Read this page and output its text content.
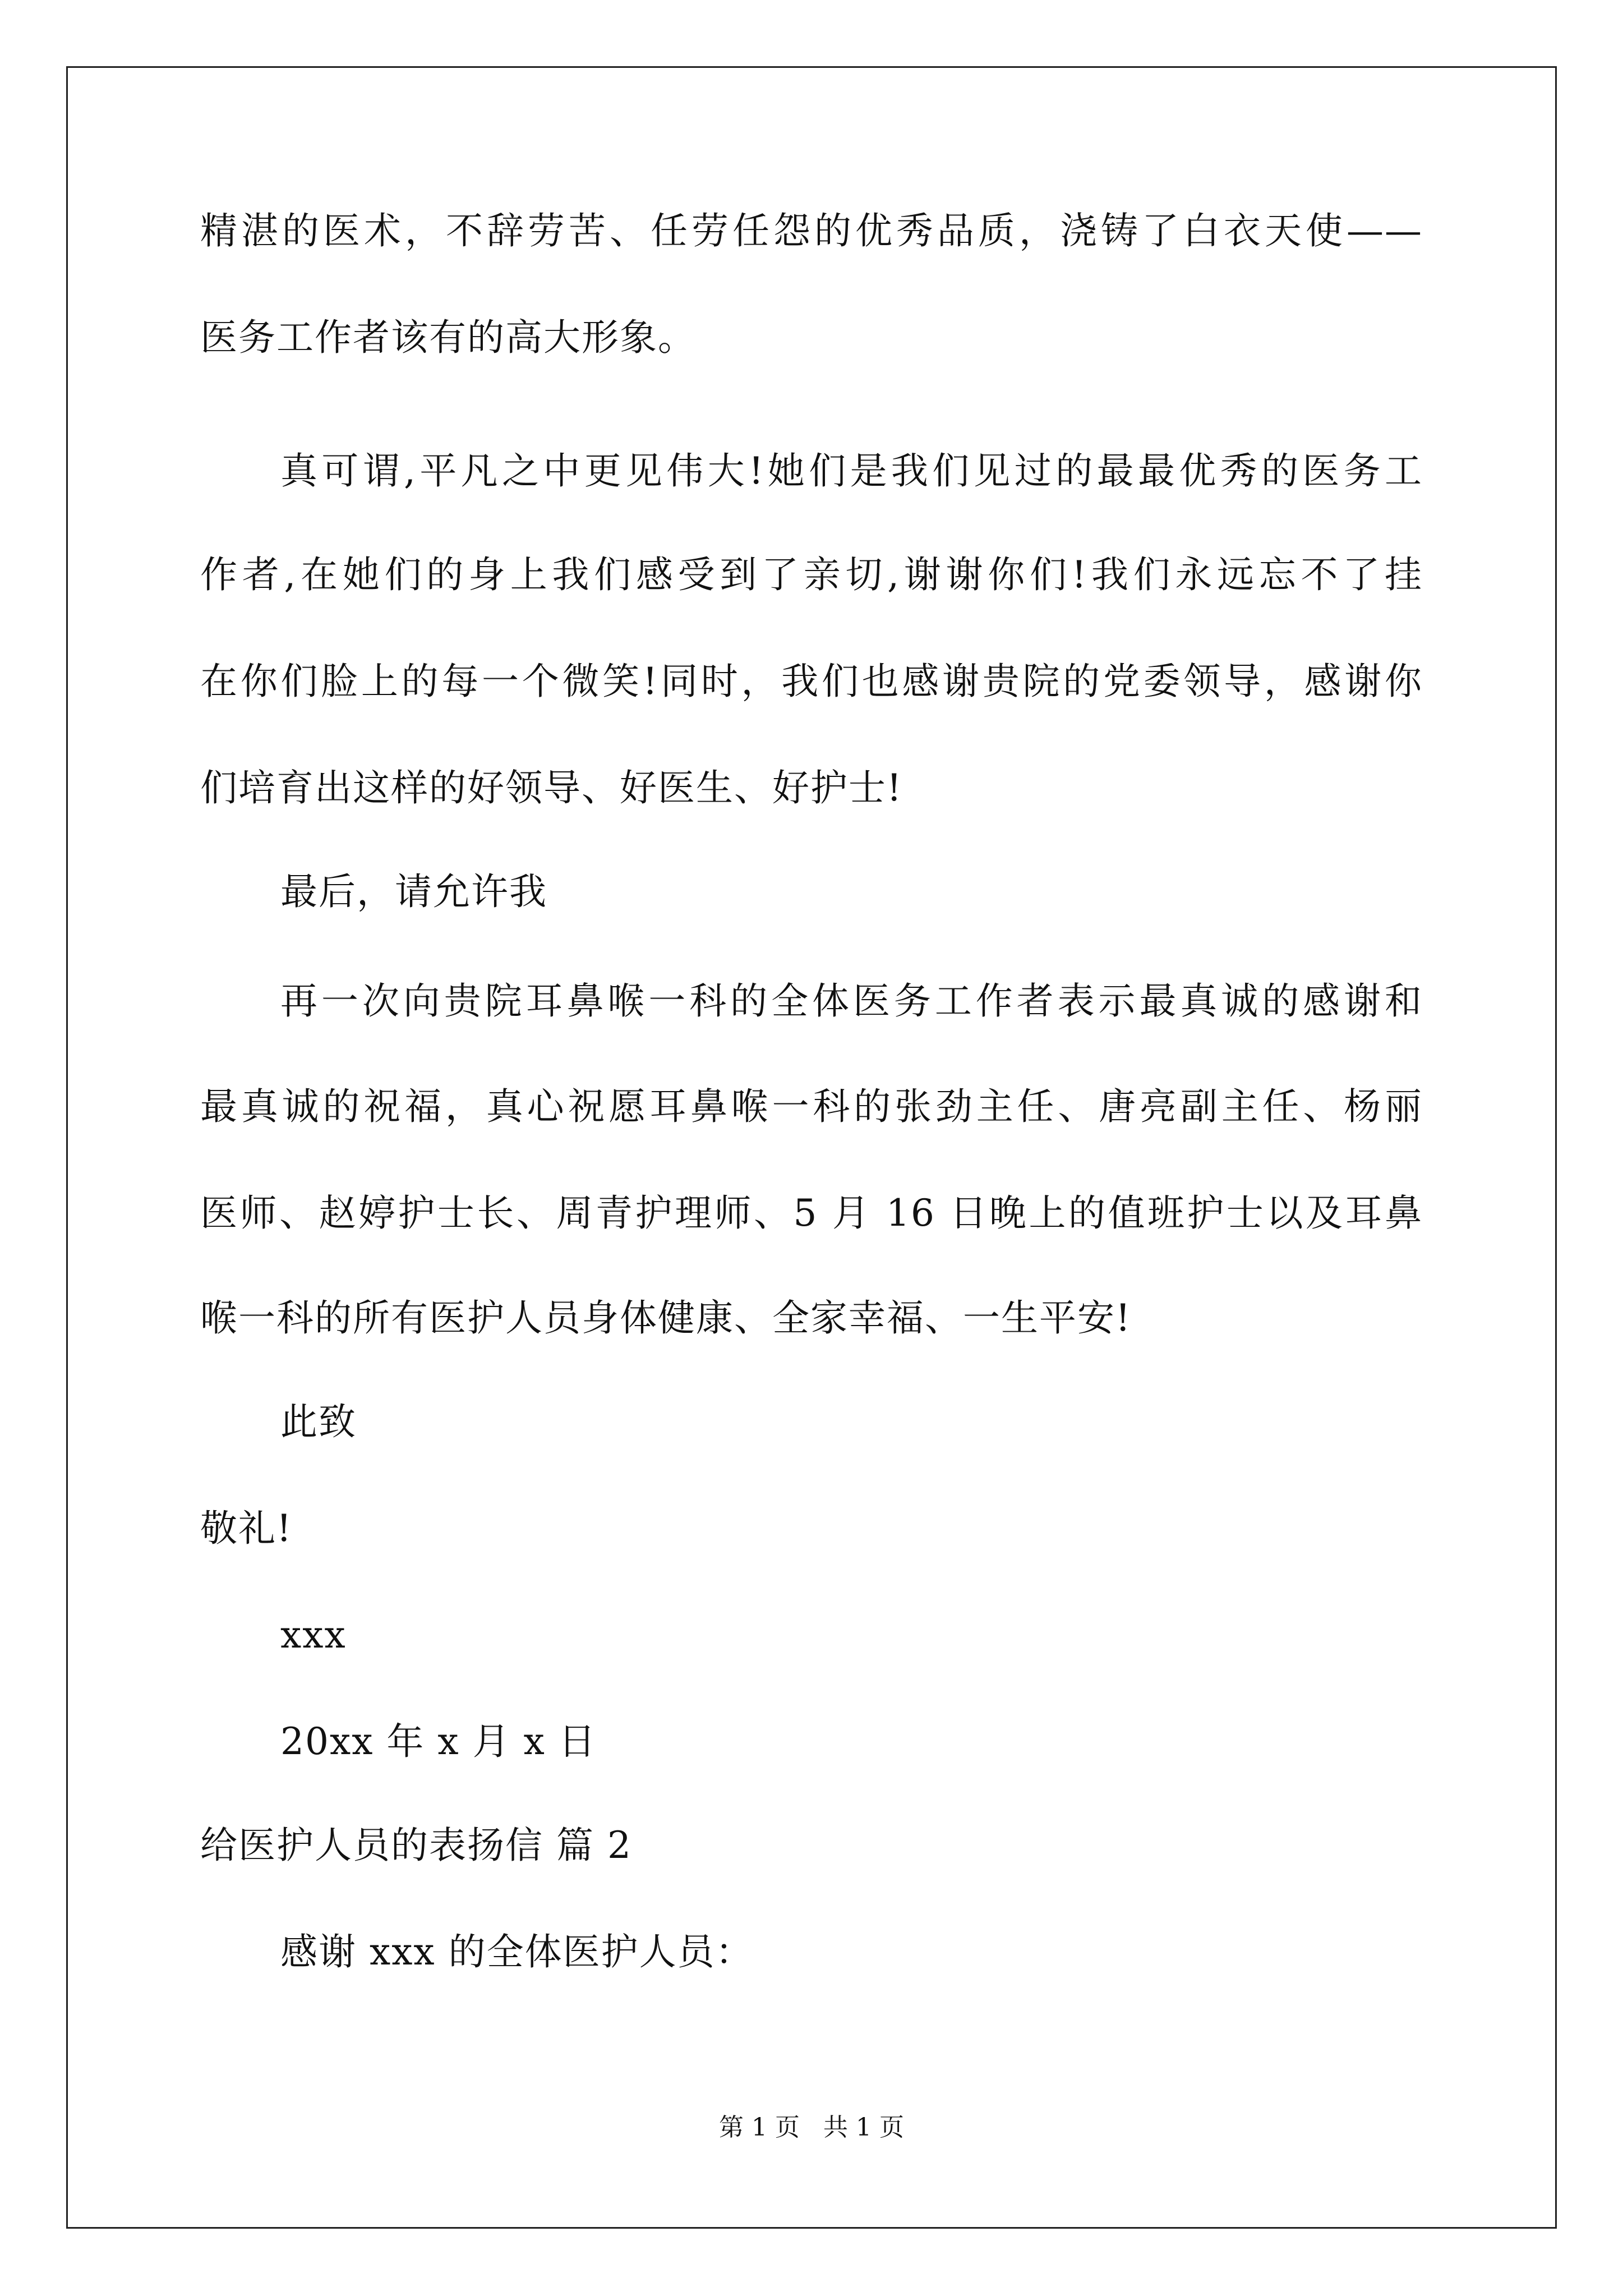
精湛的医术，不辞劳苦、任劳任怨的优秀品质，浇铸了白衣天使——
医务工作者该有的高大形象。
真可谓,平凡之中更见伟大!她们是我们见过的最最优秀的医务工
作者,在她们的身上我们感受到了亲切,谢谢你们!我们永远忘不了挂
在你们脸上的每一个微笑!同时，我们也感谢贵院的党委领导，感谢你
们培育出这样的好领导、好医生、好护士!
最后，请允许我
再一次向贵院耳鼻喉一科的全体医务工作者表示最真诚的感谢和
最真诚的祝福，真心祝愿耳鼻喉一科的张劲主任、唐亮副主任、杨丽
医师、赵婷护士长、周青护理师、5 月 16 日晚上的值班护士以及耳鼻
喉一科的所有医护人员身体健康、全家幸福、一生平安!
此致
敬礼!
xxx
20xx 年 x 月 x 日
给医护人员的表扬信 篇 2
感谢 xxx 的全体医护人员：
第 1 页   共 1 页
